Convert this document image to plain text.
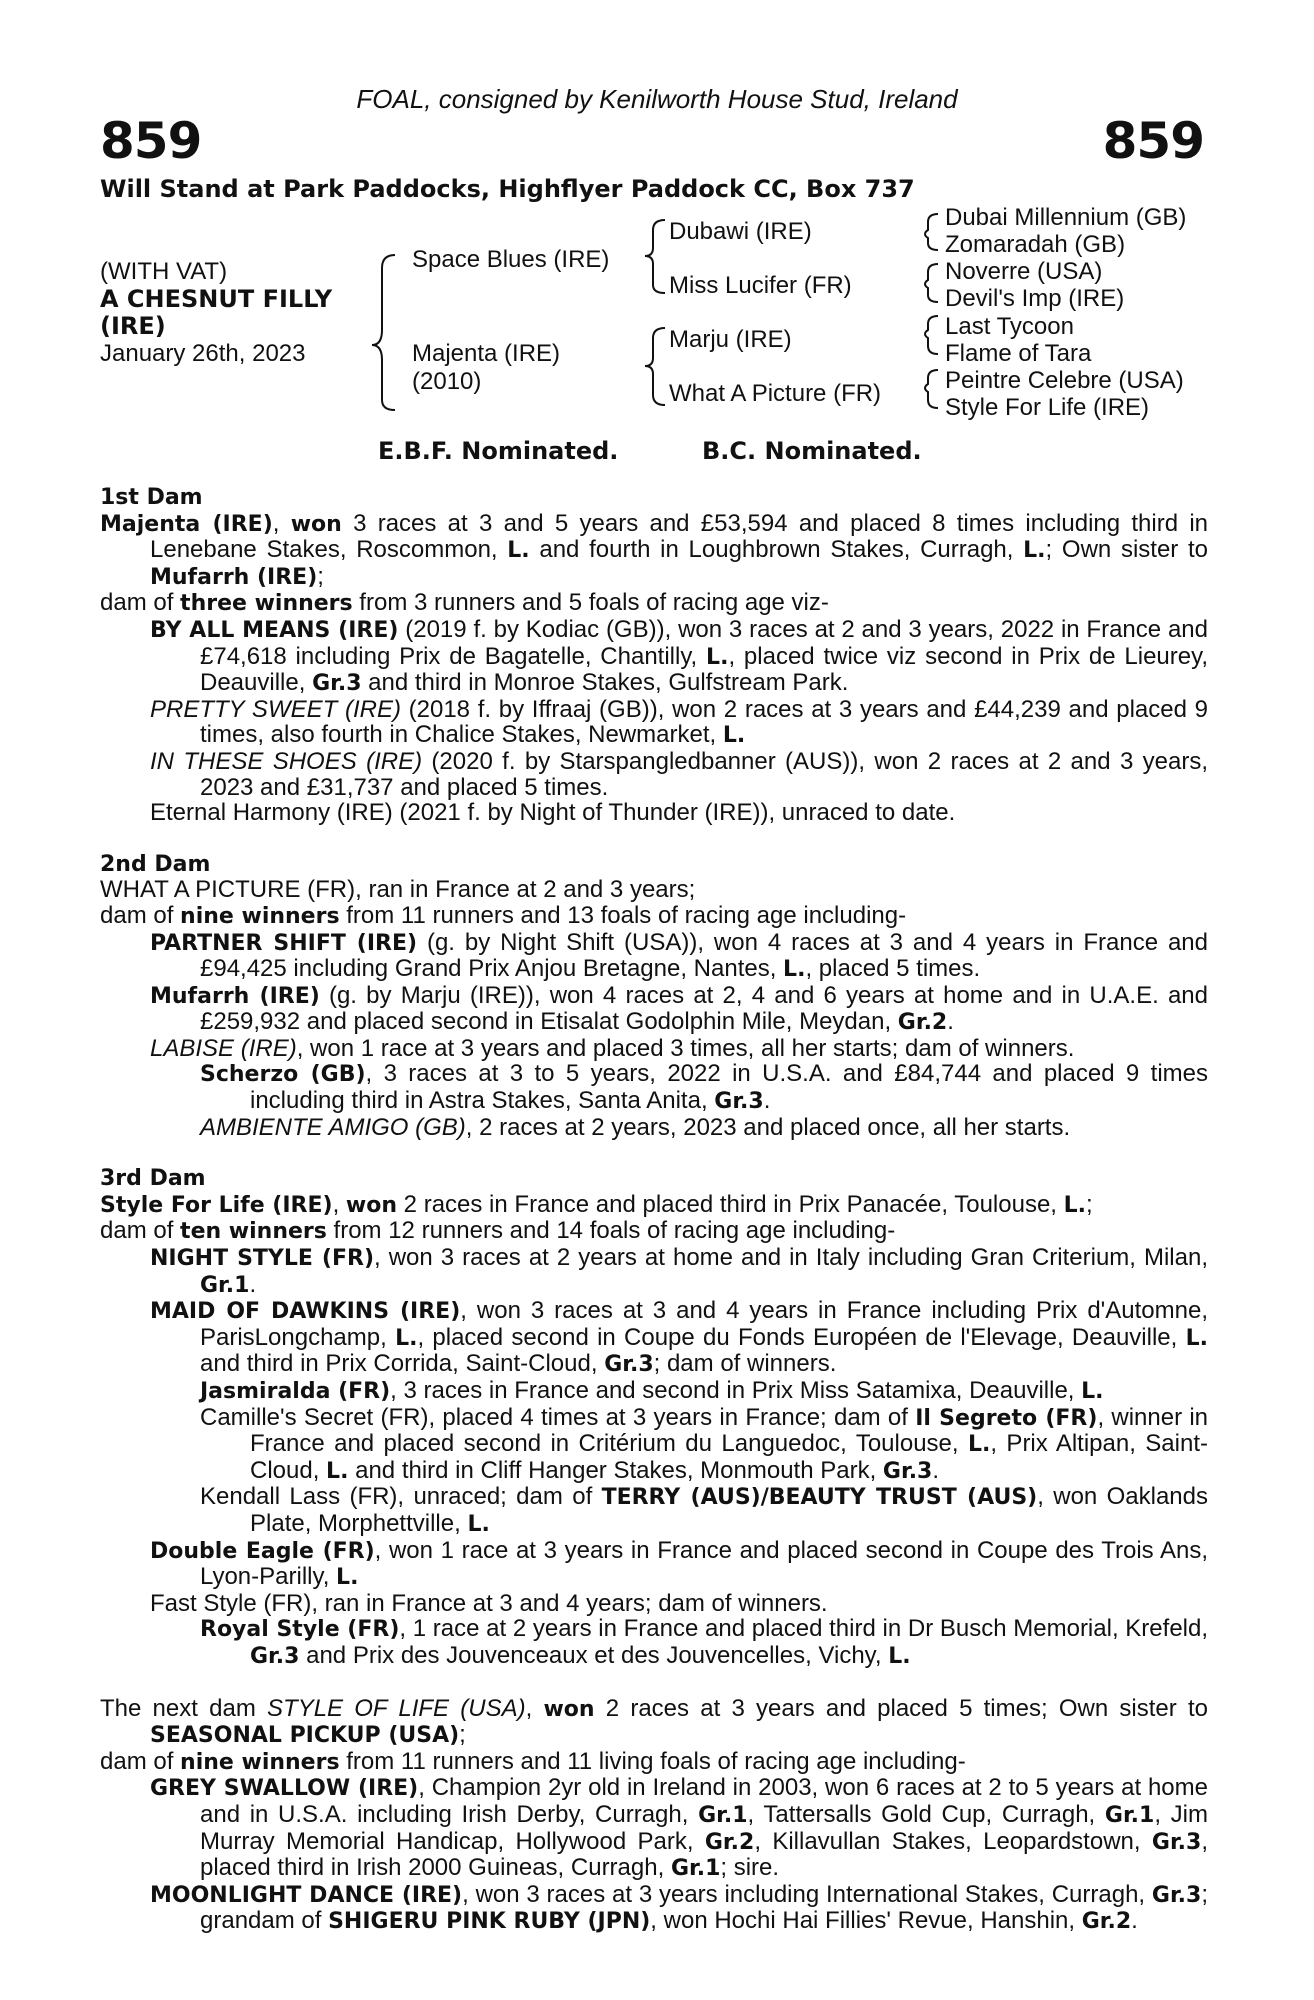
FOAL, consigned by Kenilworth House Stud, Ireland
859	859
Will Stand at Park Paddocks, Highflyer Paddock CC, Box 737
(WITH VAT)
A CHESNUT FILLY
(IRE)
January 26th, 2023
Space Blues (IRE)
Majenta (IRE)
(2010)
Dubawi (IRE)
Miss Lucifer (FR)
Marju (IRE)
What A Picture (FR)
Dubai Millennium (GB)
Zomaradah (GB)
Noverre (USA)
Devil's Imp (IRE)
Last Tycoon
Flame of Tara
Peintre Celebre (USA)
Style For Life (IRE)
E.B.F. Nominated.	B.C. Nominated.

1st Dam

Majenta (IRE), won 3 races at 3 and 5 years and £53,594 and placed 8 times including third in Lenebane Stakes, Roscommon, L. and fourth in Loughbrown Stakes, Curragh, L.; Own sister to Mufarrh (IRE);

dam of three winners from 3 runners and 5 foals of racing age viz-

BY ALL MEANS (IRE) (2019 f. by Kodiac (GB)), won 3 races at 2 and 3 years, 2022 in France and £74,618 including Prix de Bagatelle, Chantilly, L., placed twice viz second in Prix de Lieurey, Deauville, Gr.3 and third in Monroe Stakes, Gulfstream Park.

PRETTY SWEET (IRE) (2018 f. by Iffraaj (GB)), won 2 races at 3 years and £44,239 and placed 9 times, also fourth in Chalice Stakes, Newmarket, L.

IN THESE SHOES (IRE) (2020 f. by Starspangledbanner (AUS)), won 2 races at 2 and 3 years, 2023 and £31,737 and placed 5 times.

Eternal Harmony (IRE) (2021 f. by Night of Thunder (IRE)), unraced to date.

2nd Dam

WHAT A PICTURE (FR), ran in France at 2 and 3 years;

dam of nine winners from 11 runners and 13 foals of racing age including-

PARTNER SHIFT (IRE) (g. by Night Shift (USA)), won 4 races at 3 and 4 years in France and £94,425 including Grand Prix Anjou Bretagne, Nantes, L., placed 5 times.

Mufarrh (IRE) (g. by Marju (IRE)), won 4 races at 2, 4 and 6 years at home and in U.A.E. and £259,932 and placed second in Etisalat Godolphin Mile, Meydan, Gr.2.

LABISE (IRE), won 1 race at 3 years and placed 3 times, all her starts; dam of winners.

Scherzo (GB), 3 races at 3 to 5 years, 2022 in U.S.A. and £84,744 and placed 9 times including third in Astra Stakes, Santa Anita, Gr.3.

AMBIENTE AMIGO (GB), 2 races at 2 years, 2023 and placed once, all her starts.

3rd Dam

Style For Life (IRE), won 2 races in France and placed third in Prix Panacée, Toulouse, L.;

dam of ten winners from 12 runners and 14 foals of racing age including-

NIGHT STYLE (FR), won 3 races at 2 years at home and in Italy including Gran Criterium, Milan, Gr.1.

MAID OF DAWKINS (IRE), won 3 races at 3 and 4 years in France including Prix d'Automne, ParisLongchamp, L., placed second in Coupe du Fonds Européen de l'Elevage, Deauville, L. and third in Prix Corrida, Saint-Cloud, Gr.3; dam of winners.

Jasmiralda (FR), 3 races in France and second in Prix Miss Satamixa, Deauville, L.

Camille's Secret (FR), placed 4 times at 3 years in France; dam of Il Segreto (FR), winner in France and placed second in Critérium du Languedoc, Toulouse, L., Prix Altipan, Saint-Cloud, L. and third in Cliff Hanger Stakes, Monmouth Park, Gr.3.

Kendall Lass (FR), unraced; dam of TERRY (AUS)/BEAUTY TRUST (AUS), won Oaklands Plate, Morphettville, L.

Double Eagle (FR), won 1 race at 3 years in France and placed second in Coupe des Trois Ans, Lyon-Parilly, L.

Fast Style (FR), ran in France at 3 and 4 years; dam of winners.

Royal Style (FR), 1 race at 2 years in France and placed third in Dr Busch Memorial, Krefeld, Gr.3 and Prix des Jouvenceaux et des Jouvencelles, Vichy, L.

The next dam STYLE OF LIFE (USA), won 2 races at 3 years and placed 5 times; Own sister to SEASONAL PICKUP (USA);

dam of nine winners from 11 runners and 11 living foals of racing age including-

GREY SWALLOW (IRE), Champion 2yr old in Ireland in 2003, won 6 races at 2 to 5 years at home and in U.S.A. including Irish Derby, Curragh, Gr.1, Tattersalls Gold Cup, Curragh, Gr.1, Jim Murray Memorial Handicap, Hollywood Park, Gr.2, Killavullan Stakes, Leopardstown, Gr.3, placed third in Irish 2000 Guineas, Curragh, Gr.1; sire.

MOONLIGHT DANCE (IRE), won 3 races at 3 years including International Stakes, Curragh, Gr.3; grandam of SHIGERU PINK RUBY (JPN), won Hochi Hai Fillies' Revue, Hanshin, Gr.2.
